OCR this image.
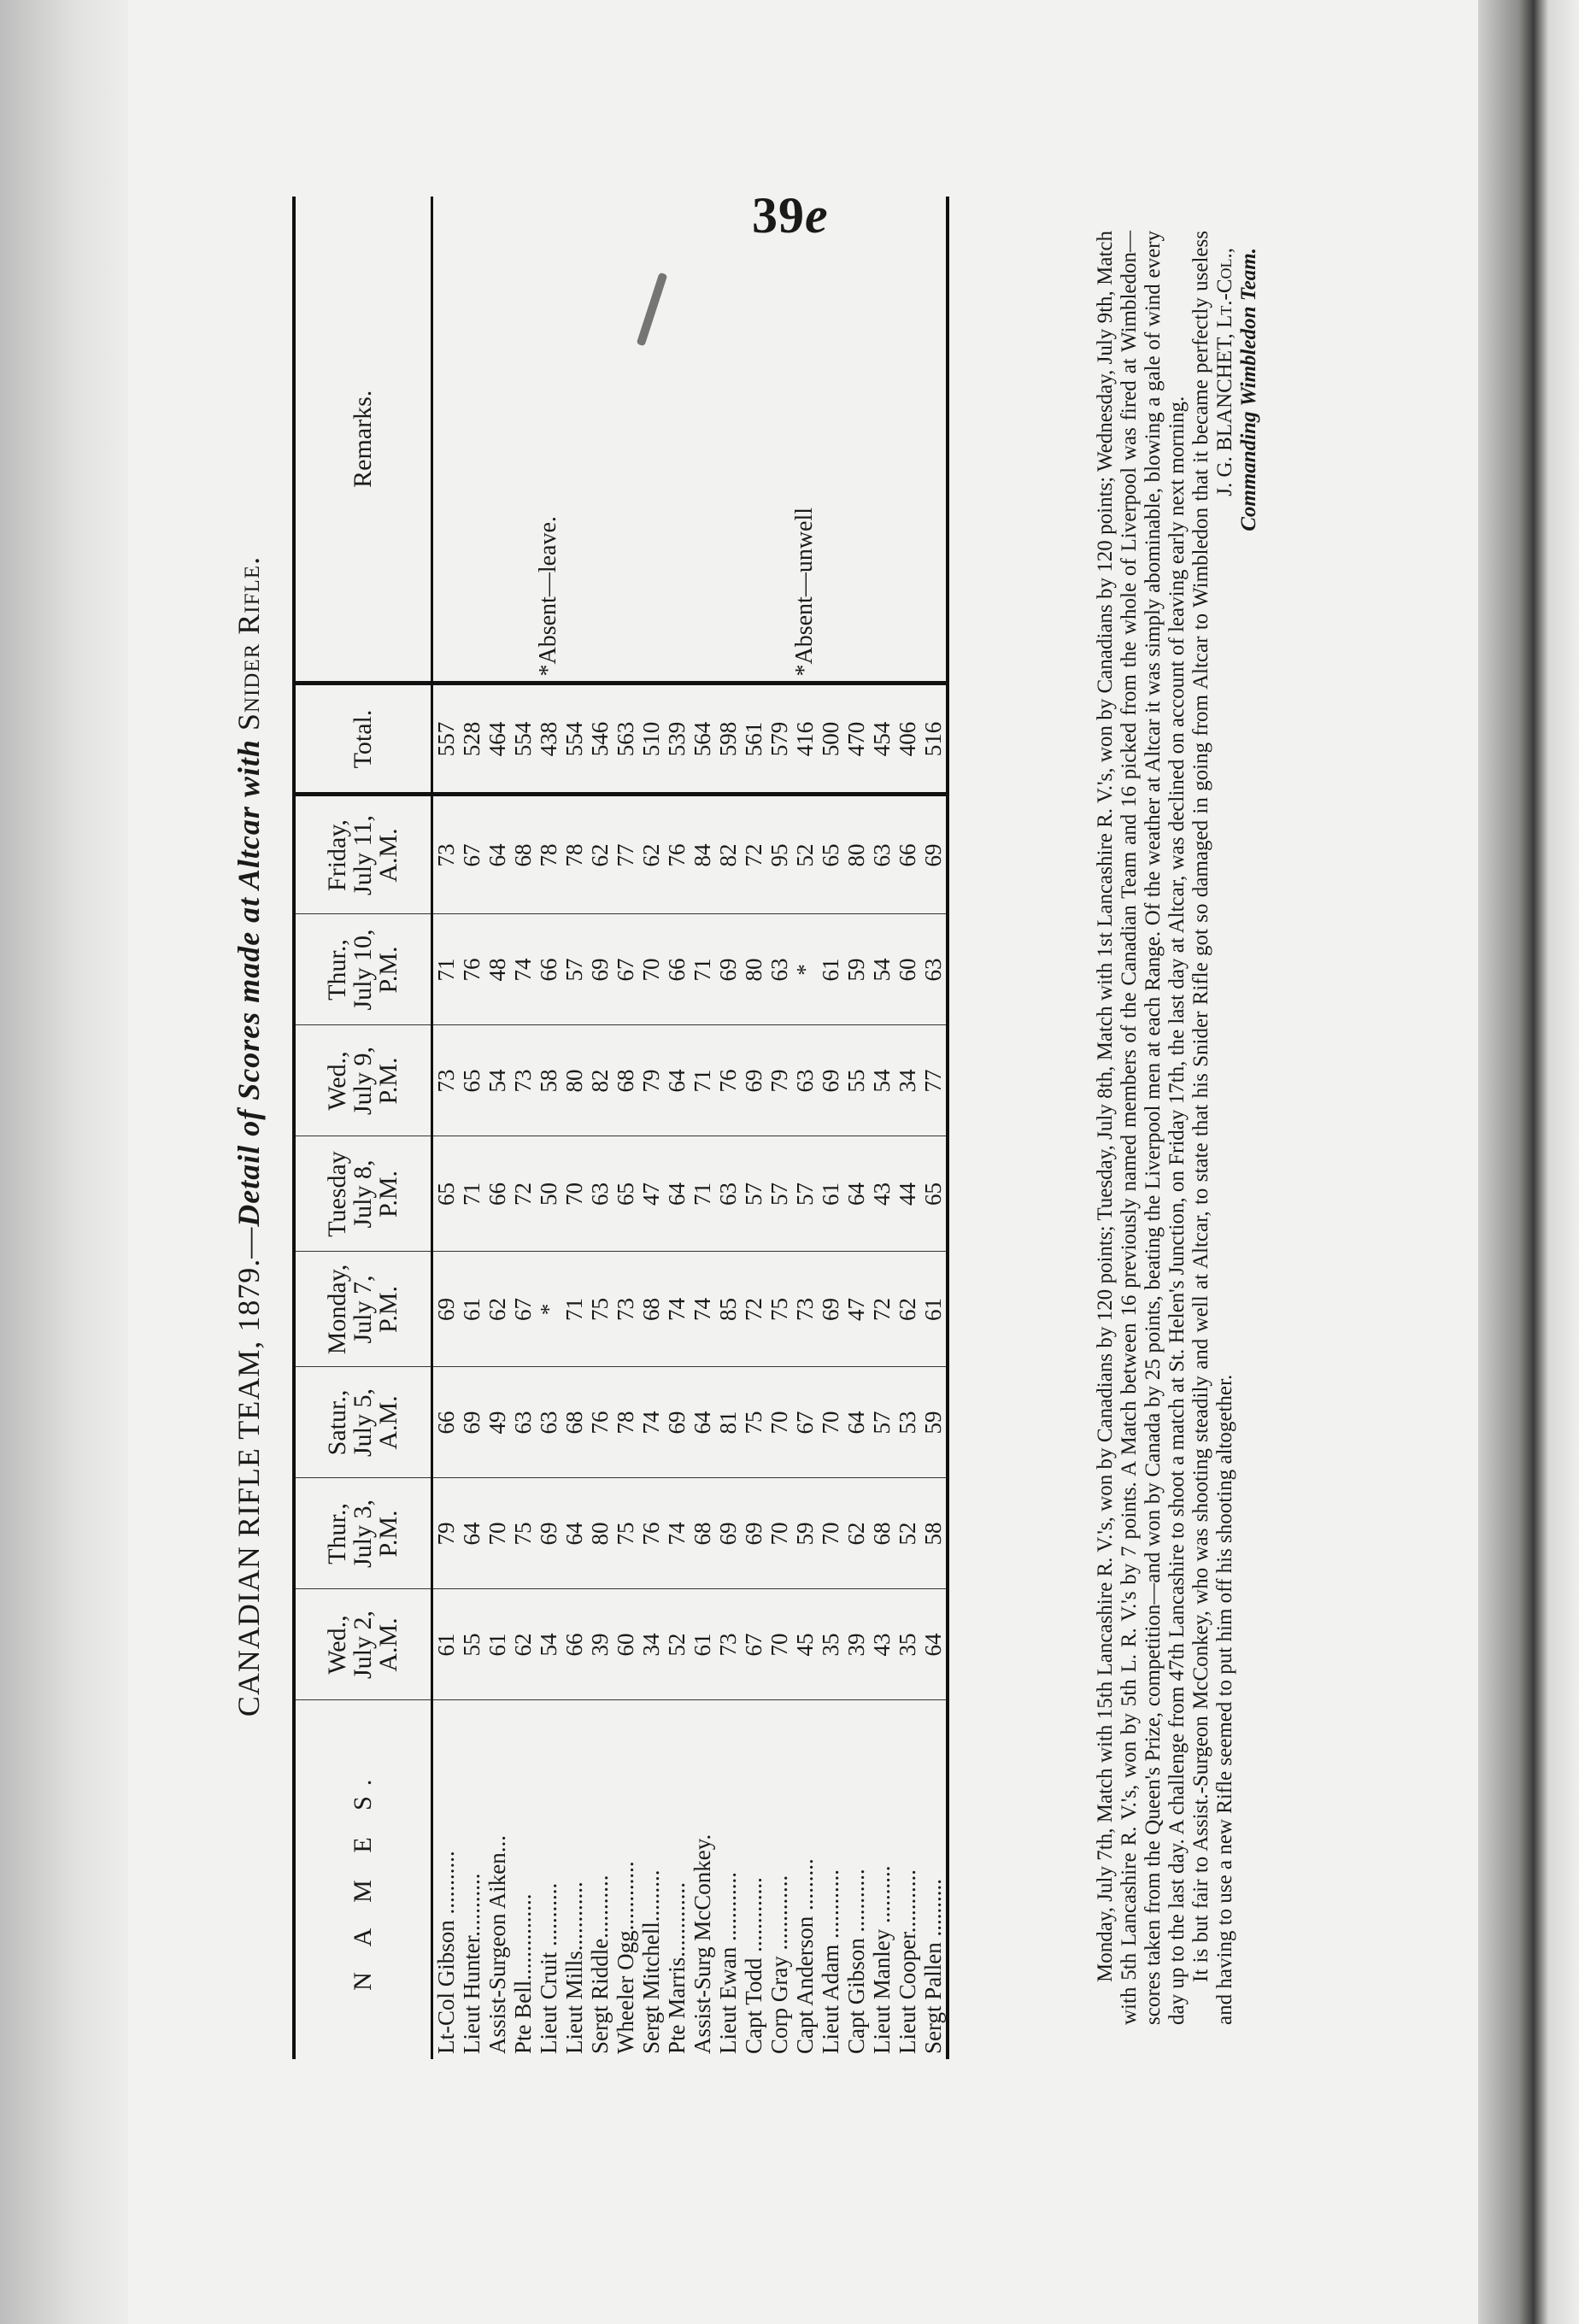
39e
CANADIAN RIFLE TEAM, 1879.—Detail of Scores made at Altcar with Snider Rifle.
N A M E S.	Wed., July 2, A.M.	Thur., July 3, P.M.	Satur., July 5, A.M.	Monday, July 7, P.M.	Tuesday July 8, P.M.	Wed., July 9, P.M.	Thur., July 10, P.M.	Friday, July 11, A.M.	Total.	Remarks.
Lt-Col Gibson ...........	61	79	66	69	65	73	71	73	557	
Lieut Hunter...........	55	64	69	61	71	65	76	67	528	
Assist-Surgeon Aiken...	61	70	49	62	66	54	48	64	464	
Pte Bell...............	62	75	63	67	72	73	74	68	554	
Lieut Cruit ...........	54	69	63	*	50	58	66	78	438	*Absent—leave.
Lieut Mills............	66	64	68	71	70	80	57	78	554	
Sergt Riddle...........	39	80	76	75	63	82	69	62	546	
Wheeler Ogg............	60	75	78	73	65	68	67	77	563	
Sergt Mitchell.........	34	76	74	68	47	79	70	62	510	
Pte Marris.............	52	74	69	74	64	64	66	76	539	
Assist-Surg McConkey.	61	68	64	74	71	71	71	84	564	
Lieut Ewan ............	73	69	81	85	63	76	69	82	598	
Capt Todd .............	67	69	75	72	57	69	80	72	561	
Corp Gray .............	70	70	70	75	57	79	63	95	579	
Capt Anderson .........	45	59	67	73	57	63	*	52	416	*Absent—unwell
Lieut Adam ............	35	70	70	69	61	69	61	65	500	
Capt Gibson ...........	39	62	64	47	64	55	59	80	470	
Lieut Manley ..........	43	68	57	72	43	54	54	63	454	
Lieut Cooper...........	35	52	53	62	44	34	60	66	406	
Sergt Pallen ..........	64	58	59	61	65	77	63	69	516		Monday, July 7th, Match with 15th Lancashire R. V.'s, won by Canadians by 120 points; Tuesday, July 8th, Match with 1st Lancashire R. V.'s, won by Canadians by 120 points; Wednesday, July 9th, Match with 5th Lancashire R. V.'s, won by 5th L. R. V.'s by 7 points. A Match between 16 previously named members of the Canadian Team and 16 picked from the whole of Liverpool was fired at Wimbledon—scores taken from the Queen's Prize, competition—and won by Canada by 25 points, beating the Liverpool men at each Range. Of the weather at Altcar it was simply abominable, blowing a gale of wind every day up to the last day. A challenge from 47th Lancashire to shoot a match at St. Helen's Junction, on Friday 17th, the last day at Altcar, was declined on account of leaving early next morning. It is but fair to Assist.-Surgeon McConkey, who was shooting steadily and well at Altcar, to state that his Snider Rifle got so damaged in going from Altcar to Wimbledon that it became perfectly useless and having to use a new Rifle seemed to put him off his shooting altogether.

J. G. BLANCHET, Lt.-Col., Commanding Wimbledon Team.
